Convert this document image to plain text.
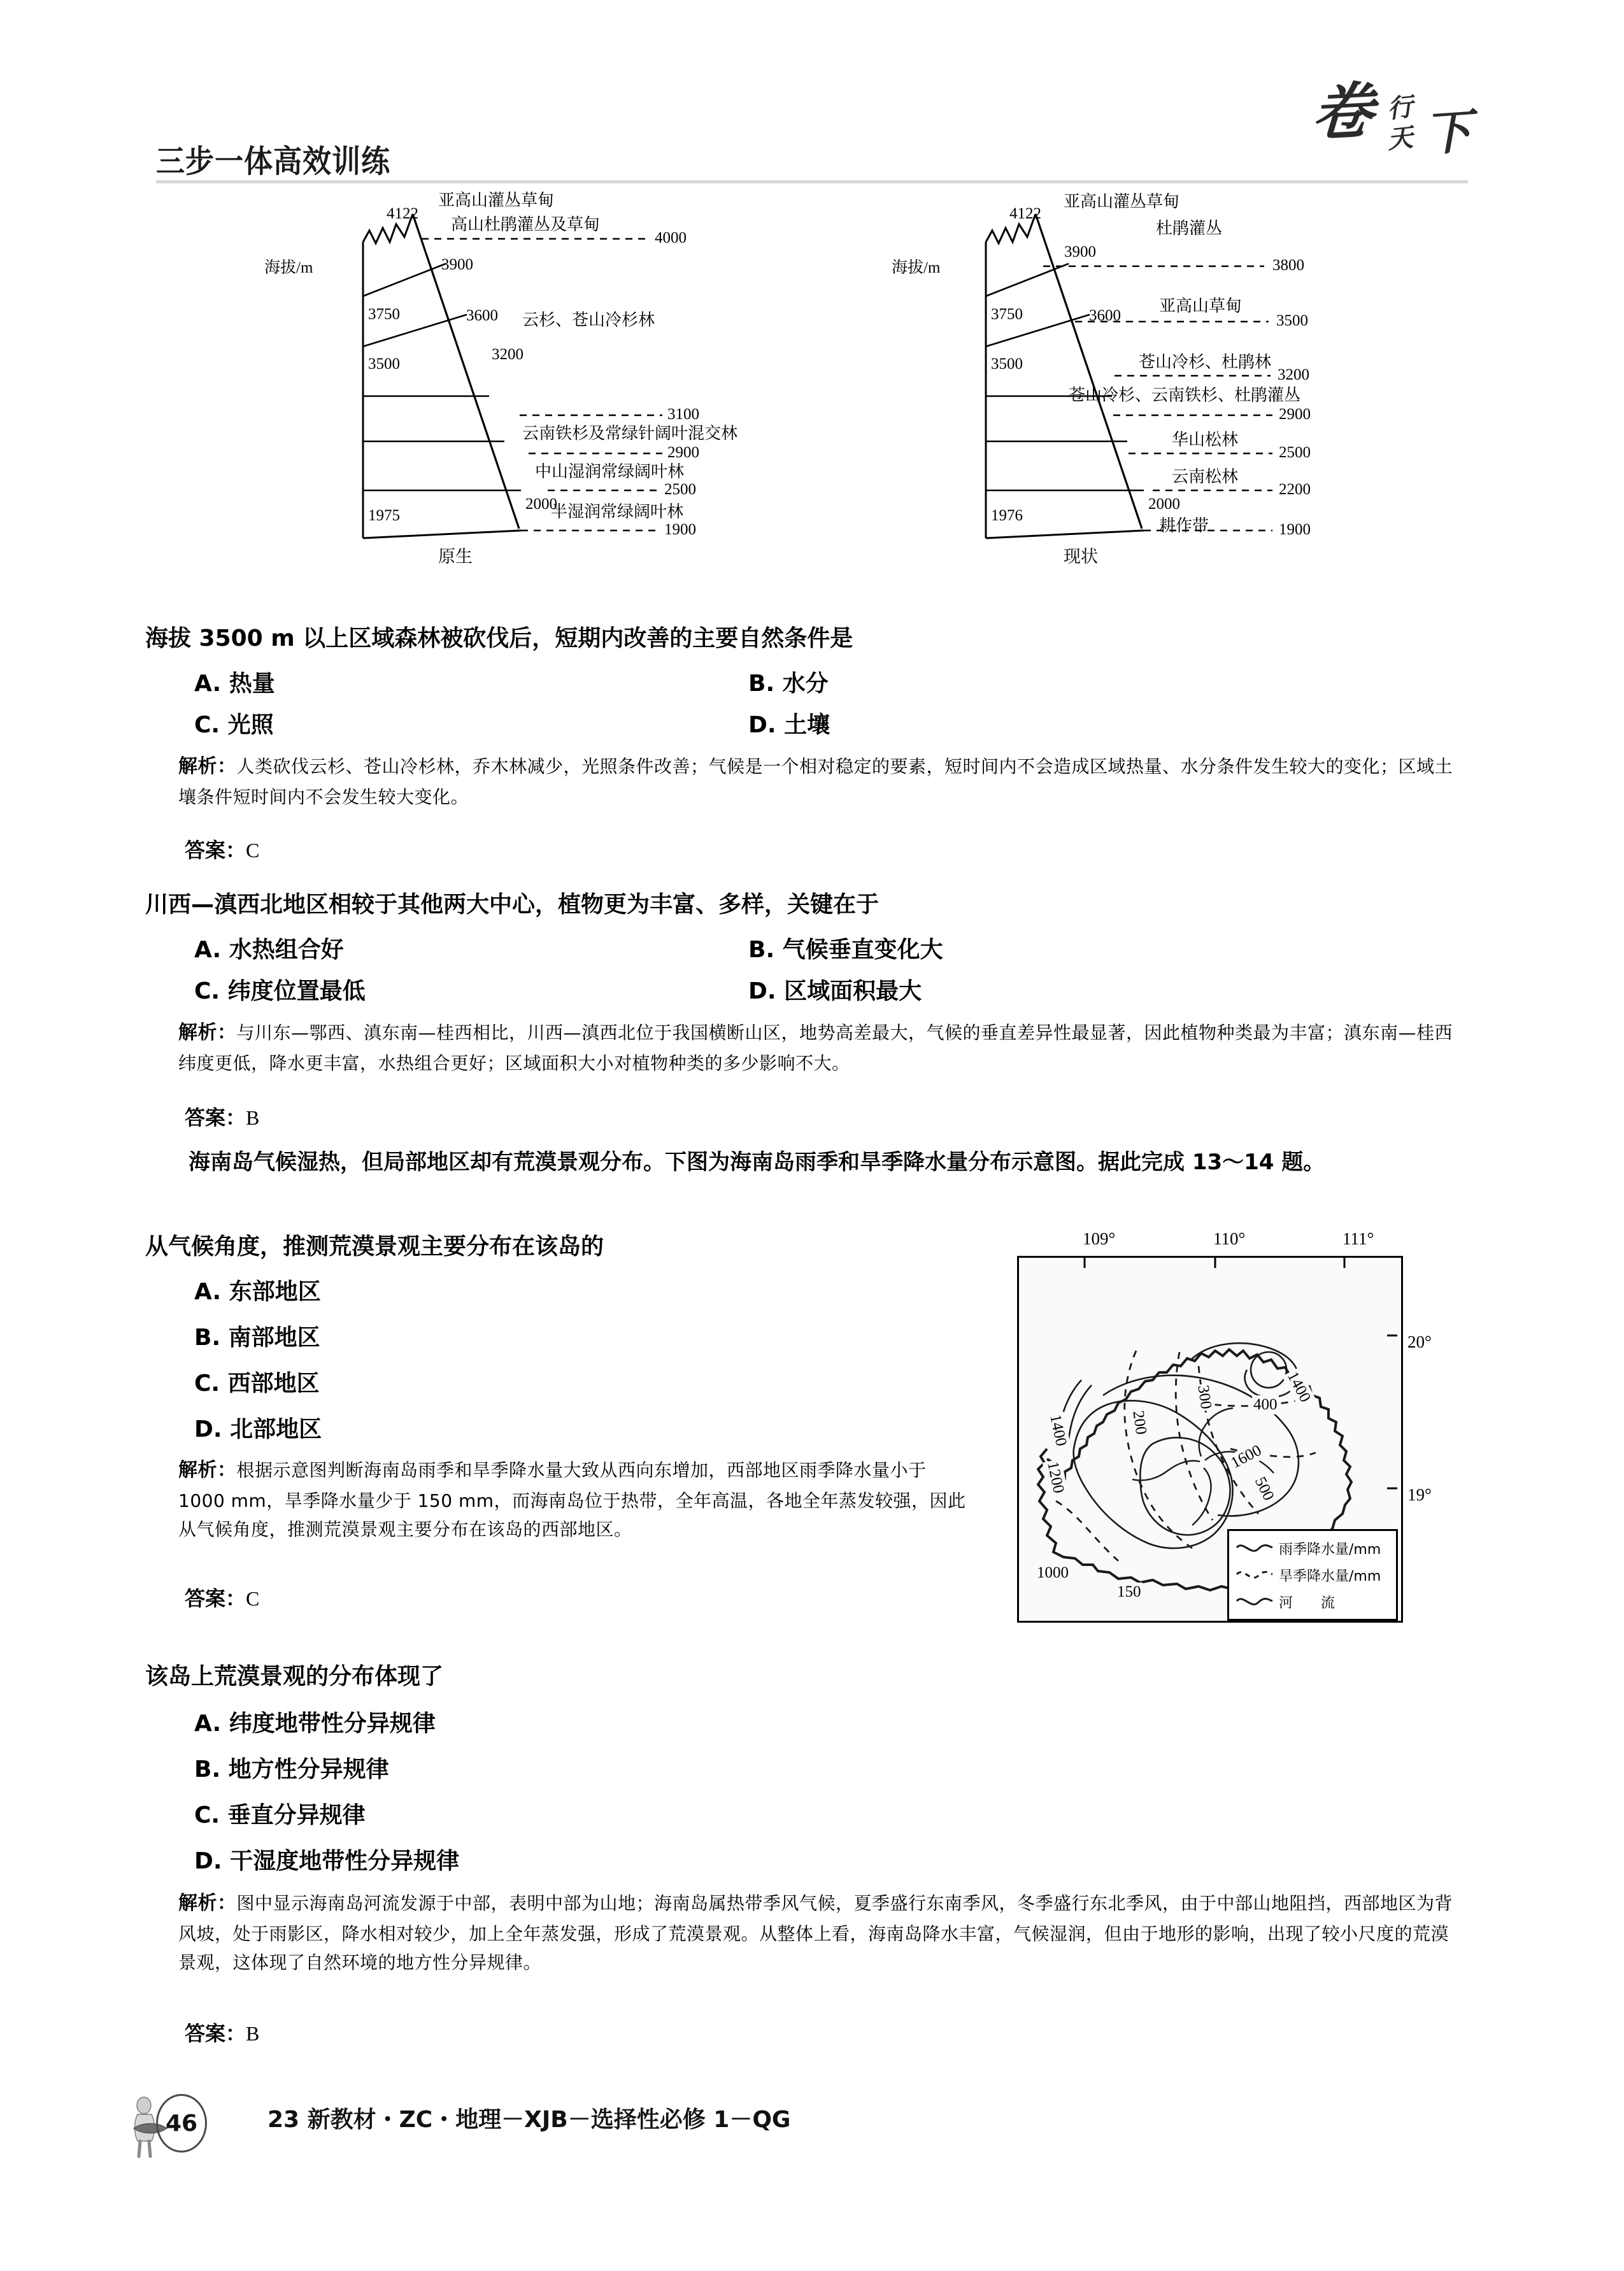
三步一体高效训练
卷 行
天 下
海拔/m
4122
3750
3500
1975
3900
3600
3200
2000
4000
3100
2900
2500
1900
亚高山灌丛草甸
高山杜鹃灌丛及草甸
云杉、苍山冷杉林
云南铁杉及常绿针阔叶混交林
中山湿润常绿阔叶林
半湿润常绿阔叶林
原生
海拔/m
4122
3750
3500
1976
3900
3600
2000
3800
3500
3200
2900
2500
2200
1900
亚高山灌丛草甸
杜鹃灌丛
亚高山草甸
苍山冷杉、杜鹃林
苍山冷杉、云南铁杉、杜鹃灌丛
华山松林
云南松林
耕作带
现状
海拔 3500 m 以上区域森林被砍伐后，短期内改善的主要自然条件是
A. 热量	B. 水分
C. 光照	D. 土壤
解析：人类砍伐云杉、苍山冷杉林，乔木林减少，光照条件改善；气候是一个相对稳定的要素，短时间内不会造成区域热量、水分条件发生较大的变化；区域土壤条件短时间内不会发生较大变化。
答案：C
川西—滇西北地区相较于其他两大中心，植物更为丰富、多样，关键在于
A. 水热组合好	B. 气候垂直变化大
C. 纬度位置最低	D. 区域面积最大
解析：与川东—鄂西、滇东南—桂西相比，川西—滇西北位于我国横断山区，地势高差最大，气候的垂直差异性最显著，因此植物种类最为丰富；滇东南—桂西纬度更低，降水更丰富，水热组合更好；区域面积大小对植物种类的多少影响不大。
答案：B
海南岛气候湿热，但局部地区却有荒漠景观分布。下图为海南岛雨季和旱季降水量分布示意图。据此完成 13～14 题。
从气候角度，推测荒漠景观主要分布在该岛的
A. 东部地区
B. 南部地区
C. 西部地区
D. 北部地区
解析：根据示意图判断海南岛雨季和旱季降水量大致从西向东增加，西部地区雨季降水量小于 1000 mm，旱季降水量少于 150 mm，而海南岛位于热带，全年高温，各地全年蒸发较强，因此从气候角度，推测荒漠景观主要分布在该岛的西部地区。
答案：C
109°	110°	111°
20°
19°
1400
1200
1000
1400
1600
200
300 400
500
150
雨季降水量/mm
旱季降水量/mm
河　　流
该岛上荒漠景观的分布体现了
A. 纬度地带性分异规律
B. 地方性分异规律
C. 垂直分异规律
D. 干湿度地带性分异规律
解析：图中显示海南岛河流发源于中部，表明中部为山地；海南岛属热带季风气候，夏季盛行东南季风，冬季盛行东北季风，由于中部山地阻挡，西部地区为背风坡，处于雨影区，降水相对较少，加上全年蒸发强，形成了荒漠景观。从整体上看，海南岛降水丰富，气候湿润，但由于地形的影响，出现了较小尺度的荒漠景观，这体现了自然环境的地方性分异规律。
答案：B
46	23 新教材・ZC・地理－XJB－选择性必修 1－QG
